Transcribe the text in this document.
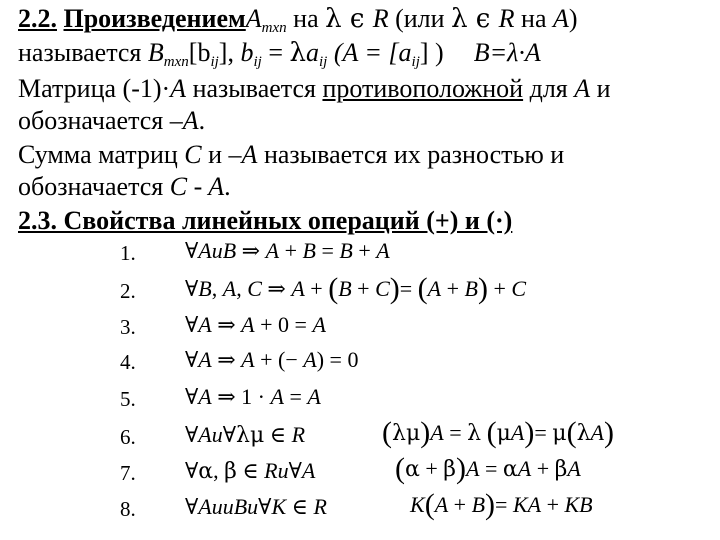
2.2. ПроизведениемA$_{mxn}$ на λ ϵ R (или λ ϵ R на A)
называется $B_{mxn}[b_{ij}]$, $b_{ij} = \lambda a_{ij}$ ($A = [a_{ij}]$ ) B=λ·A
Матрица (-1)·A называется противоположной для A и
обозначается –A.
Сумма матриц C и –A называется их разностью и
обозначается C - A.
2.3. Свойства линейных операций (+) и (·)
1.	∀AuB ⇒ A + B = B + A
2.	∀B, A, C ⇒ A + (B + C)= (A + B) + C
3.	∀A ⇒ A + 0 = A
4.	∀A ⇒ A + (− A) = 0
5.	∀A ⇒ 1 · A = A
6.	∀Au∀λμ ∈ R	(λμ)A = λ (μA)= μ(λA)
7.	∀α, β ∈ Ru∀A	(α + β)A = αA + βA
8.	∀AuuBu∀K ∈ R	K(A + B)= KA + KB
